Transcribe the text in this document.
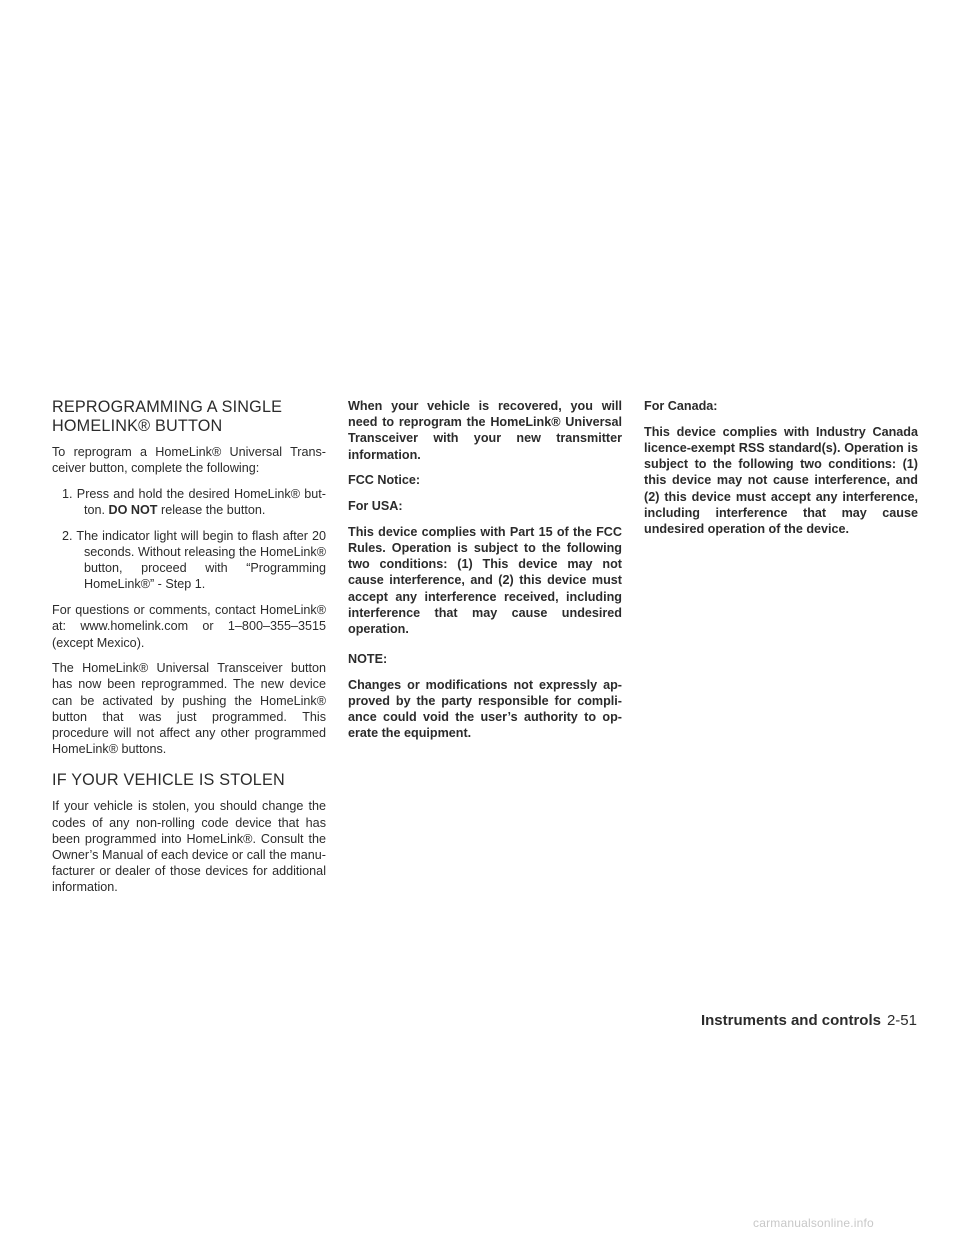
REPROGRAMMING A SINGLE
HOMELINK® BUTTON

To reprogram a HomeLink® Universal Transceiver button, complete the following:

1. Press and hold the desired HomeLink® button. DO NOT release the button.
2. The indicator light will begin to flash after 20 seconds. Without releasing the HomeLink® button, proceed with “Programming HomeLink®” - Step 1.

For questions or comments, contact HomeLink® at: www.homelink.com or 1–800–355–3515 (except Mexico).

The HomeLink® Universal Transceiver button has now been reprogrammed. The new device can be activated by pushing the HomeLink® button that was just programmed. This procedure will not affect any other programmed HomeLink® buttons.

IF YOUR VEHICLE IS STOLEN

If your vehicle is stolen, you should change the codes of any non-rolling code device that has been programmed into HomeLink®. Consult the Owner’s Manual of each device or call the manufacturer or dealer of those devices for additional information.

When your vehicle is recovered, you will need to reprogram the HomeLink® Universal Transceiver with your new transmitter information.

FCC Notice:

For USA:

This device complies with Part 15 of the FCC Rules. Operation is subject to the following two conditions: (1) This device may not cause interference, and (2) this device must accept any interference received, including interference that may cause undesired operation.

NOTE:

Changes or modifications not expressly approved by the party responsible for compliance could void the user’s authority to operate the equipment.

For Canada:

This device complies with Industry Canada licence-exempt RSS standard(s). Operation is subject to the following two conditions: (1) this device may not cause interference, and (2) this device must accept any interference, including interference that may cause undesired operation of the device.

Instruments and controls 2-51
carmanualsonline.info
